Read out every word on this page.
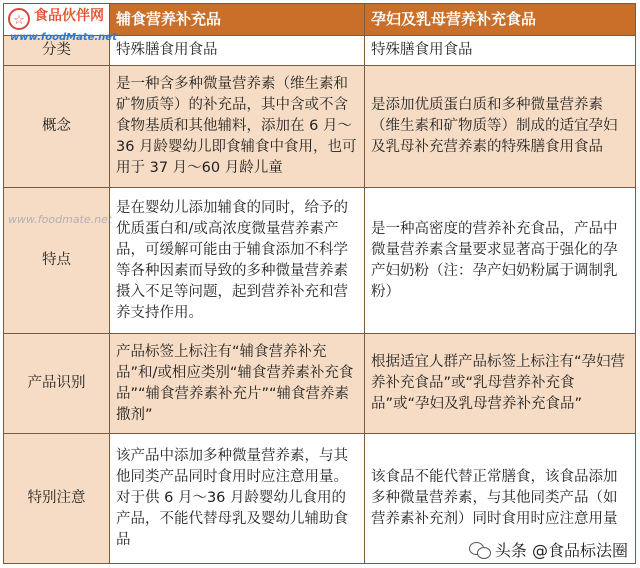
☆ 食品伙伴网
www.foodMate.net	辅食营养补充品	孕妇及乳母营养补充食品
分类	特殊膳食用食品	特殊膳食用食品
概念	是一种含多种微量营养素（维生素和矿物质等）的补充品，其中含或不含食物基质和其他辅料，添加在 6 月～36 月龄婴幼儿即食辅食中食用，也可用于 37 月～60 月龄儿童	是添加优质蛋白质和多种微量营养素（维生素和矿物质等）制成的适宜孕妇及乳母补充营养素的特殊膳食用食品
特点	是在婴幼儿添加辅食的同时，给予的优质蛋白和/或高浓度微量营养素产品，可缓解可能由于辅食添加不科学等各种因素而导致的多种微量营养素摄入不足等问题，起到营养补充和营养支持作用。	是一种高密度的营养补充食品，产品中微量营养素含量要求显著高于强化的孕产妇奶粉（注：孕产妇奶粉属于调制乳粉）
产品识别	产品标签上标注有“辅食营养补充品”和/或相应类别“辅食营养素补充食品”“辅食营养素补充片”“辅食营养素撒剂”	根据适宜人群产品标签上标注有“孕妇营养补充食品”或“乳母营养补充食品”或“孕妇及乳母营养补充食品”
特别注意	该产品中添加多种微量营养素，与其他同类产品同时食用时应注意用量。对于供 6 月～36 月龄婴幼儿食用的产品，不能代替母乳及婴幼儿辅助食品	该食品不能代替正常膳食，该食品添加多种微量营养素，与其他同类产品（如营养素补充剂）同时食用时应注意用量
www.foodmate.net
头条 @食品标法圈
